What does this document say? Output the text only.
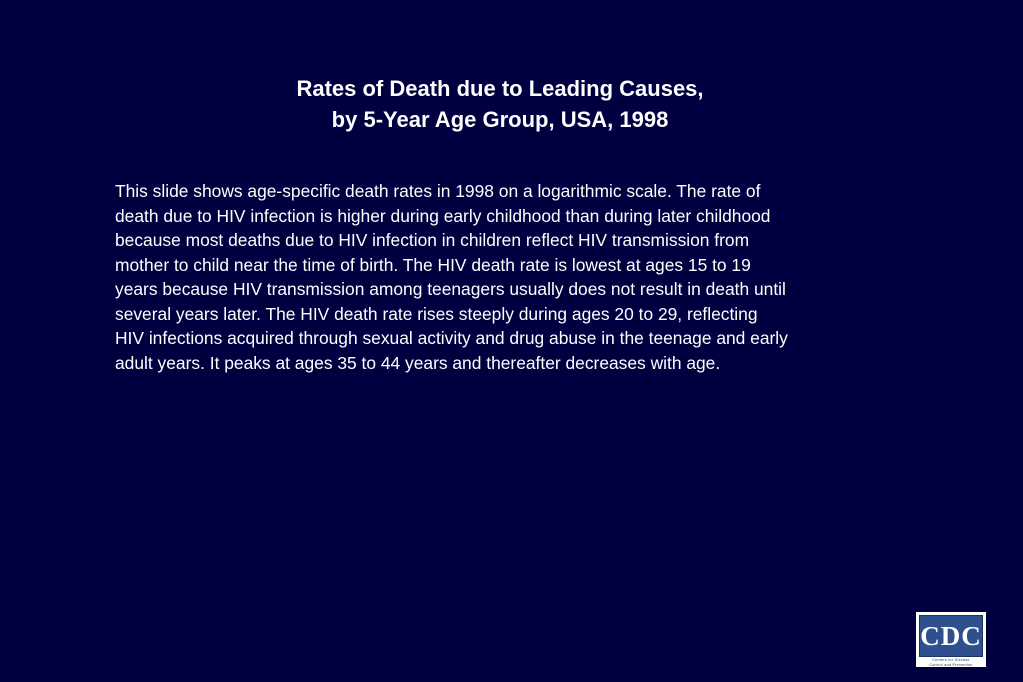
Rates of Death due to Leading Causes,
by 5-Year Age Group, USA, 1998

This slide shows age-specific death rates in 1998 on a logarithmic scale. The rate of
death due to HIV infection is higher during early childhood than during later childhood
because most deaths due to HIV infection in children reflect HIV transmission from
mother to child near the time of birth. The HIV death rate is lowest at ages 15 to 19
years because HIV transmission among teenagers usually does not result in death until
several years later. The HIV death rate rises steeply during ages 20 to 29, reflecting
HIV infections acquired through sexual activity and drug abuse in the teenage and early
adult years. It peaks at ages 35 to 44 years and thereafter decreases with age.

CDC
Centers for Disease
Control and Prevention
